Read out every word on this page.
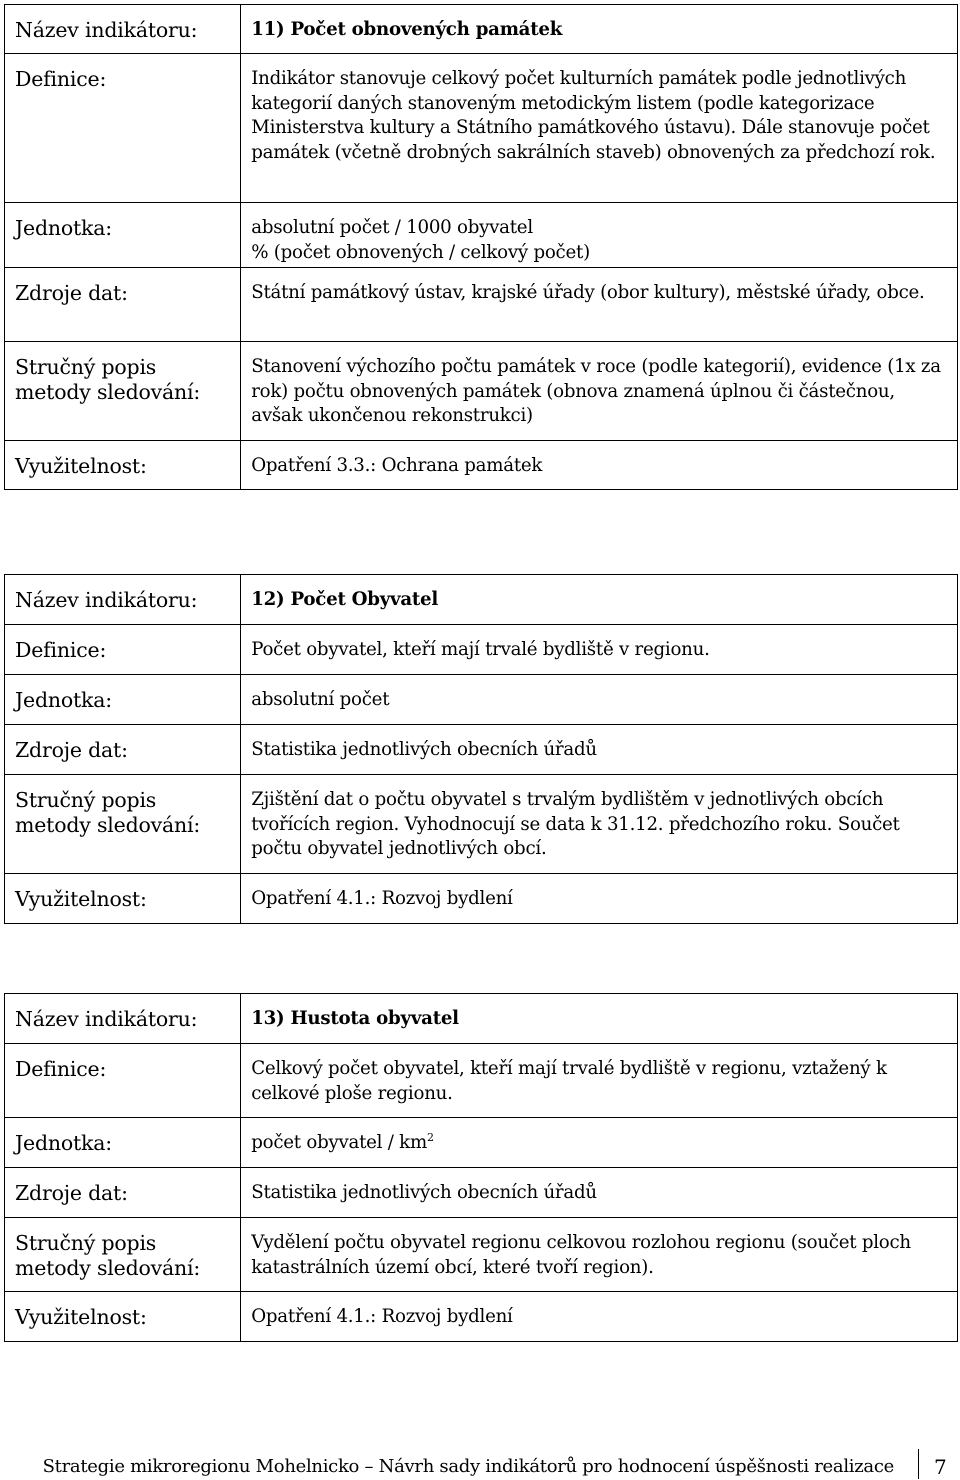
Název indikátoru:	11) Počet obnovených památek
Definice:	Indikátor stanovuje celkový počet kulturních památek podle jednotlivých kategorií daných stanoveným metodickým listem (podle kategorizace Ministerstva kultury a Státního památkového ústavu). Dále stanovuje počet památek (včetně drobných sakrálních staveb) obnovených za předchozí rok.
Jednotka:	absolutní počet / 1000 obyvatel
% (počet obnovených / celkový počet)

Zdroje dat:	Státní památkový ústav, krajské úřady (obor kultury), městské úřady, obce.

Stručný popis
metody sledování:	Stanovení výchozího počtu památek v roce (podle kategorií), evidence (1x za rok) počtu obnovených památek (obnova znamená úplnou či částečnou, avšak ukončenou rekonstrukci)
Využitelnost:	Opatření 3.3.: Ochrana památek
Název indikátoru:	12) Počet Obyvatel
Definice:	Počet obyvatel, kteří mají trvalé bydliště v regionu.
Jednotka:	absolutní počet
Zdroje dat:	Statistika jednotlivých obecních úřadů

Stručný popis
metody sledování:	Zjištění dat o počtu obyvatel s trvalým bydlištěm v jednotlivých obcích tvořících region. Vyhodnocují se data k 31.12. předchozího roku. Součet počtu obyvatel jednotlivých obcí.
Využitelnost:	Opatření 4.1.: Rozvoj bydlení
Název indikátoru:	13) Hustota obyvatel
Definice:	Celkový počet obyvatel, kteří mají trvalé bydliště v regionu, vztažený k celkové ploše regionu.
Jednotka:	počet obyvatel / $km^2$
Zdroje dat:	Statistika jednotlivých obecních úřadů

Stručný popis
metody sledování:	Vydělení počtu obyvatel regionu celkovou rozlohou regionu (součet ploch katastrálních území obcí, které tvoří region).
Využitelnost:	Opatření 4.1.: Rozvoj bydlení
Strategie mikroregionu Mohelnicko – Návrh sady indikátorů pro hodnocení úspěšnosti realizace 7
